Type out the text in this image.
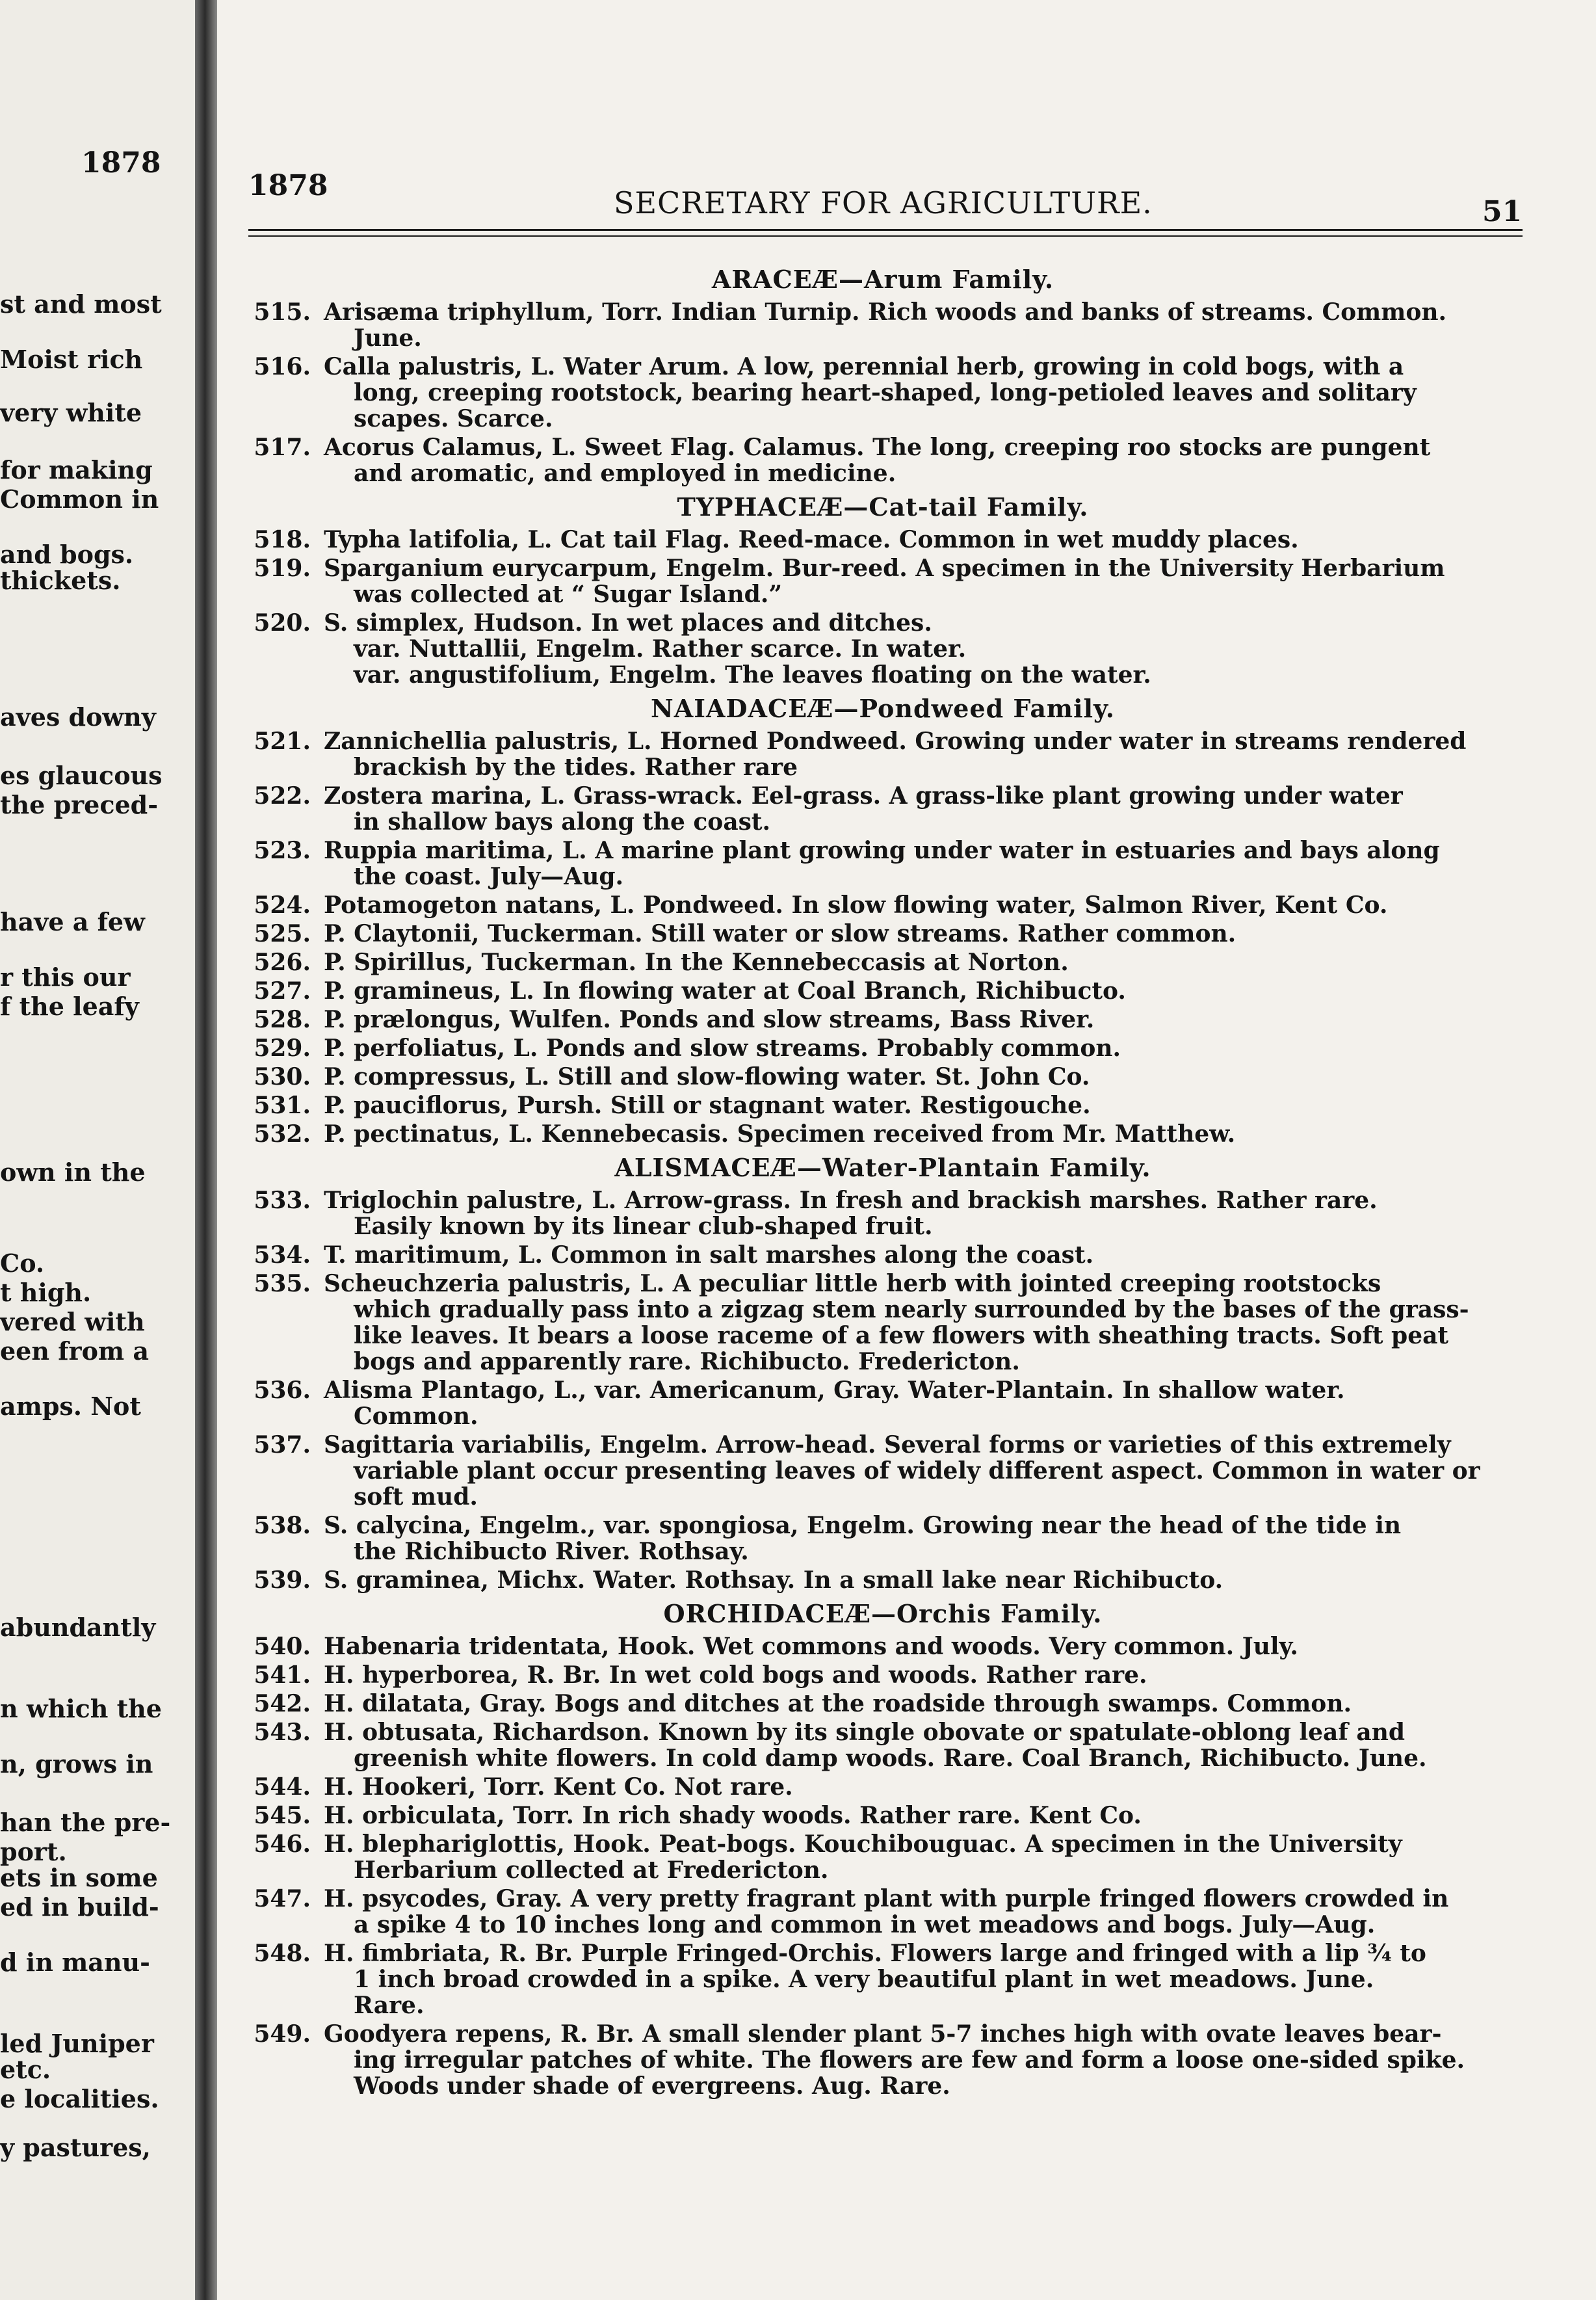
1878
st and most
Moist rich
very white
for making
Common in
and bogs.
thickets.
aves downy
es glaucous
the preced-
have a few
r this our
f the leafy
own in the
Co.
t high.
vered with
een from a
amps. Not
abundantly
n which the
n, grows in
han the pre-
port.
ets in some
ed in build-
d in manu-
led Juniper
etc.
e localities.
y pastures,
1878	SECRETARY FOR AGRICULTURE.	51
ARACEÆ—Arum Family.
515. Arisæma triphyllum, Torr. Indian Turnip. Rich woods and banks of streams. Common.
June.
516. Calla palustris, L. Water Arum. A low, perennial herb, growing in cold bogs, with a
long, creeping rootstock, bearing heart-shaped, long-petioled leaves and solitary
scapes. Scarce.
517. Acorus Calamus, L. Sweet Flag. Calamus. The long, creeping roo stocks are pungent
and aromatic, and employed in medicine.
TYPHACEÆ—Cat-tail Family.
518. Typha latifolia, L. Cat tail Flag. Reed-mace. Common in wet muddy places.
519. Sparganium eurycarpum, Engelm. Bur-reed. A specimen in the University Herbarium
was collected at “ Sugar Island.”
520. S. simplex, Hudson. In wet places and ditches.
var. Nuttallii, Engelm. Rather scarce. In water.
var. angustifolium, Engelm. The leaves floating on the water.
NAIADACEÆ—Pondweed Family.
521. Zannichellia palustris, L. Horned Pondweed. Growing under water in streams rendered
brackish by the tides. Rather rare
522. Zostera marina, L. Grass-wrack. Eel-grass. A grass-like plant growing under water
in shallow bays along the coast.
523. Ruppia maritima, L. A marine plant growing under water in estuaries and bays along
the coast. July—Aug.
524. Potamogeton natans, L. Pondweed. In slow flowing water, Salmon River, Kent Co.
525. P. Claytonii, Tuckerman. Still water or slow streams. Rather common.
526. P. Spirillus, Tuckerman. In the Kennebeccasis at Norton.
527. P. gramineus, L. In flowing water at Coal Branch, Richibucto.
528. P. prælongus, Wulfen. Ponds and slow streams, Bass River.
529. P. perfoliatus, L. Ponds and slow streams. Probably common.
530. P. compressus, L. Still and slow-flowing water. St. John Co.
531. P. pauciflorus, Pursh. Still or stagnant water. Restigouche.
532. P. pectinatus, L. Kennebecasis. Specimen received from Mr. Matthew.
ALISMACEÆ—Water-Plantain Family.
533. Triglochin palustre, L. Arrow-grass. In fresh and brackish marshes. Rather rare.
Easily known by its linear club-shaped fruit.
534. T. maritimum, L. Common in salt marshes along the coast.
535. Scheuchzeria palustris, L. A peculiar little herb with jointed creeping rootstocks
which gradually pass into a zigzag stem nearly surrounded by the bases of the grass-
like leaves. It bears a loose raceme of a few flowers with sheathing tracts. Soft peat
bogs and apparently rare. Richibucto. Fredericton.
536. Alisma Plantago, L., var. Americanum, Gray. Water-Plantain. In shallow water.
Common.
537. Sagittaria variabilis, Engelm. Arrow-head. Several forms or varieties of this extremely
variable plant occur presenting leaves of widely different aspect. Common in water or
soft mud.
538. S. calycina, Engelm., var. spongiosa, Engelm. Growing near the head of the tide in
the Richibucto River. Rothsay.
539. S. graminea, Michx. Water. Rothsay. In a small lake near Richibucto.
ORCHIDACEÆ—Orchis Family.
540. Habenaria tridentata, Hook. Wet commons and woods. Very common. July.
541. H. hyperborea, R. Br. In wet cold bogs and woods. Rather rare.
542. H. dilatata, Gray. Bogs and ditches at the roadside through swamps. Common.
543. H. obtusata, Richardson. Known by its single obovate or spatulate-oblong leaf and
greenish white flowers. In cold damp woods. Rare. Coal Branch, Richibucto. June.
544. H. Hookeri, Torr. Kent Co. Not rare.
545. H. orbiculata, Torr. In rich shady woods. Rather rare. Kent Co.
546. H. blephariglottis, Hook. Peat-bogs. Kouchibouguac. A specimen in the University
Herbarium collected at Fredericton.
547. H. psycodes, Gray. A very pretty fragrant plant with purple fringed flowers crowded in
a spike 4 to 10 inches long and common in wet meadows and bogs. July—Aug.
548. H. fimbriata, R. Br. Purple Fringed-Orchis. Flowers large and fringed with a lip ¾ to
1 inch broad crowded in a spike. A very beautiful plant in wet meadows. June.
Rare.
549. Goodyera repens, R. Br. A small slender plant 5-7 inches high with ovate leaves bear-
ing irregular patches of white. The flowers are few and form a loose one-sided spike.
Woods under shade of evergreens. Aug. Rare.
